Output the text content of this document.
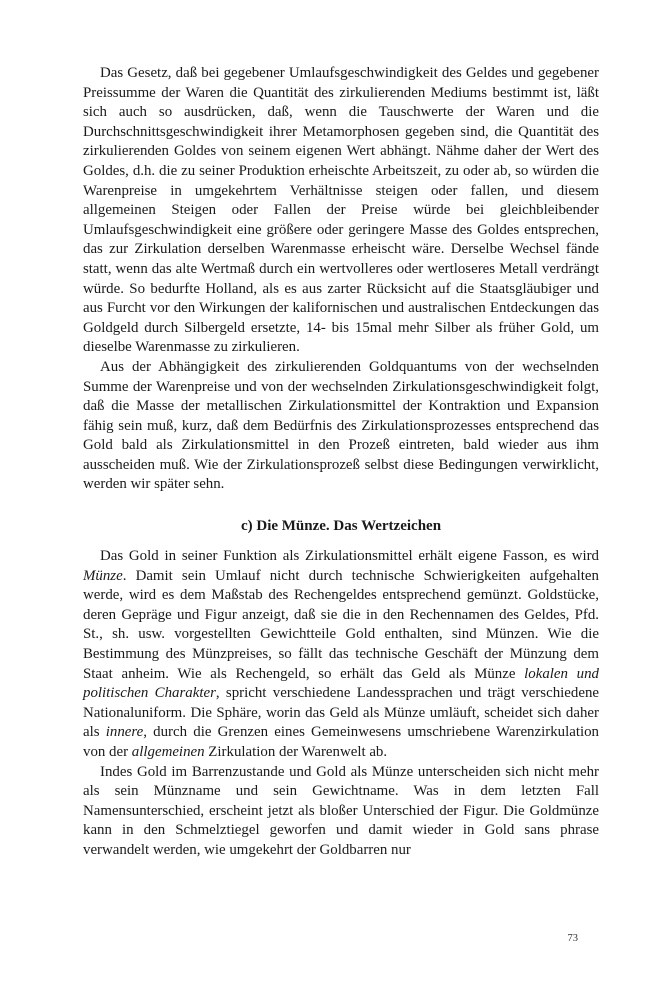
Das Gesetz, daß bei gegebener Umlaufsgeschwindigkeit des Geldes und gegebener Preissumme der Waren die Quantität des zirkulierenden Mediums bestimmt ist, läßt sich auch so ausdrücken, daß, wenn die Tauschwerte der Waren und die Durchschnittsgeschwindigkeit ihrer Metamorphosen gegeben sind, die Quantität des zirkulierenden Goldes von seinem eigenen Wert abhängt. Nähme daher der Wert des Goldes, d.h. die zu seiner Produktion erheischte Arbeitszeit, zu oder ab, so würden die Warenpreise in umgekehrtem Verhältnisse steigen oder fallen, und diesem allgemeinen Steigen oder Fallen der Preise würde bei gleichbleibender Umlaufsgeschwindigkeit eine größere oder geringere Masse des Goldes entsprechen, das zur Zirkulation derselben Warenmasse erheischt wäre. Derselbe Wechsel fände statt, wenn das alte Wertmaß durch ein wertvolleres oder wertloseres Metall verdrängt würde. So bedurfte Holland, als es aus zarter Rücksicht auf die Staatsgläubiger und aus Furcht vor den Wirkungen der kalifornischen und australischen Entdeckungen das Goldgeld durch Silbergeld ersetzte, 14- bis 15mal mehr Silber als früher Gold, um dieselbe Warenmasse zu zirkulieren.

Aus der Abhängigkeit des zirkulierenden Goldquantums von der wechselnden Summe der Warenpreise und von der wechselnden Zirkulationsgeschwindigkeit folgt, daß die Masse der metallischen Zirkulationsmittel der Kontraktion und Expansion fähig sein muß, kurz, daß dem Bedürfnis des Zirkulationsprozesses entsprechend das Gold bald als Zirkulationsmittel in den Prozeß eintreten, bald wieder aus ihm ausscheiden muß. Wie der Zirkulationsprozeß selbst diese Bedingungen verwirklicht, werden wir später sehn.

c) Die Münze. Das Wertzeichen

Das Gold in seiner Funktion als Zirkulationsmittel erhält eigene Fasson, es wird Münze. Damit sein Umlauf nicht durch technische Schwierigkeiten aufgehalten werde, wird es dem Maßstab des Rechengeldes entsprechend gemünzt. Goldstücke, deren Gepräge und Figur anzeigt, daß sie die in den Rechennamen des Geldes, Pfd. St., sh. usw. vorgestellten Gewichtteile Gold enthalten, sind Münzen. Wie die Bestimmung des Münzpreises, so fällt das technische Geschäft der Münzung dem Staat anheim. Wie als Rechengeld, so erhält das Geld als Münze lokalen und politischen Charakter, spricht verschiedene Landessprachen und trägt verschiedene Nationaluniform. Die Sphäre, worin das Geld als Münze umläuft, scheidet sich daher als innere, durch die Grenzen eines Gemeinwesens umschriebene Warenzirkulation von der allgemeinen Zirkulation der Warenwelt ab.

Indes Gold im Barrenzustande und Gold als Münze unterscheiden sich nicht mehr als sein Münzname und sein Gewichtname. Was in dem letzten Fall Namensunterschied, erscheint jetzt als bloßer Unterschied der Figur. Die Goldmünze kann in den Schmelztiegel geworfen und damit wieder in Gold sans phrase verwandelt werden, wie umgekehrt der Goldbarren nur

73
